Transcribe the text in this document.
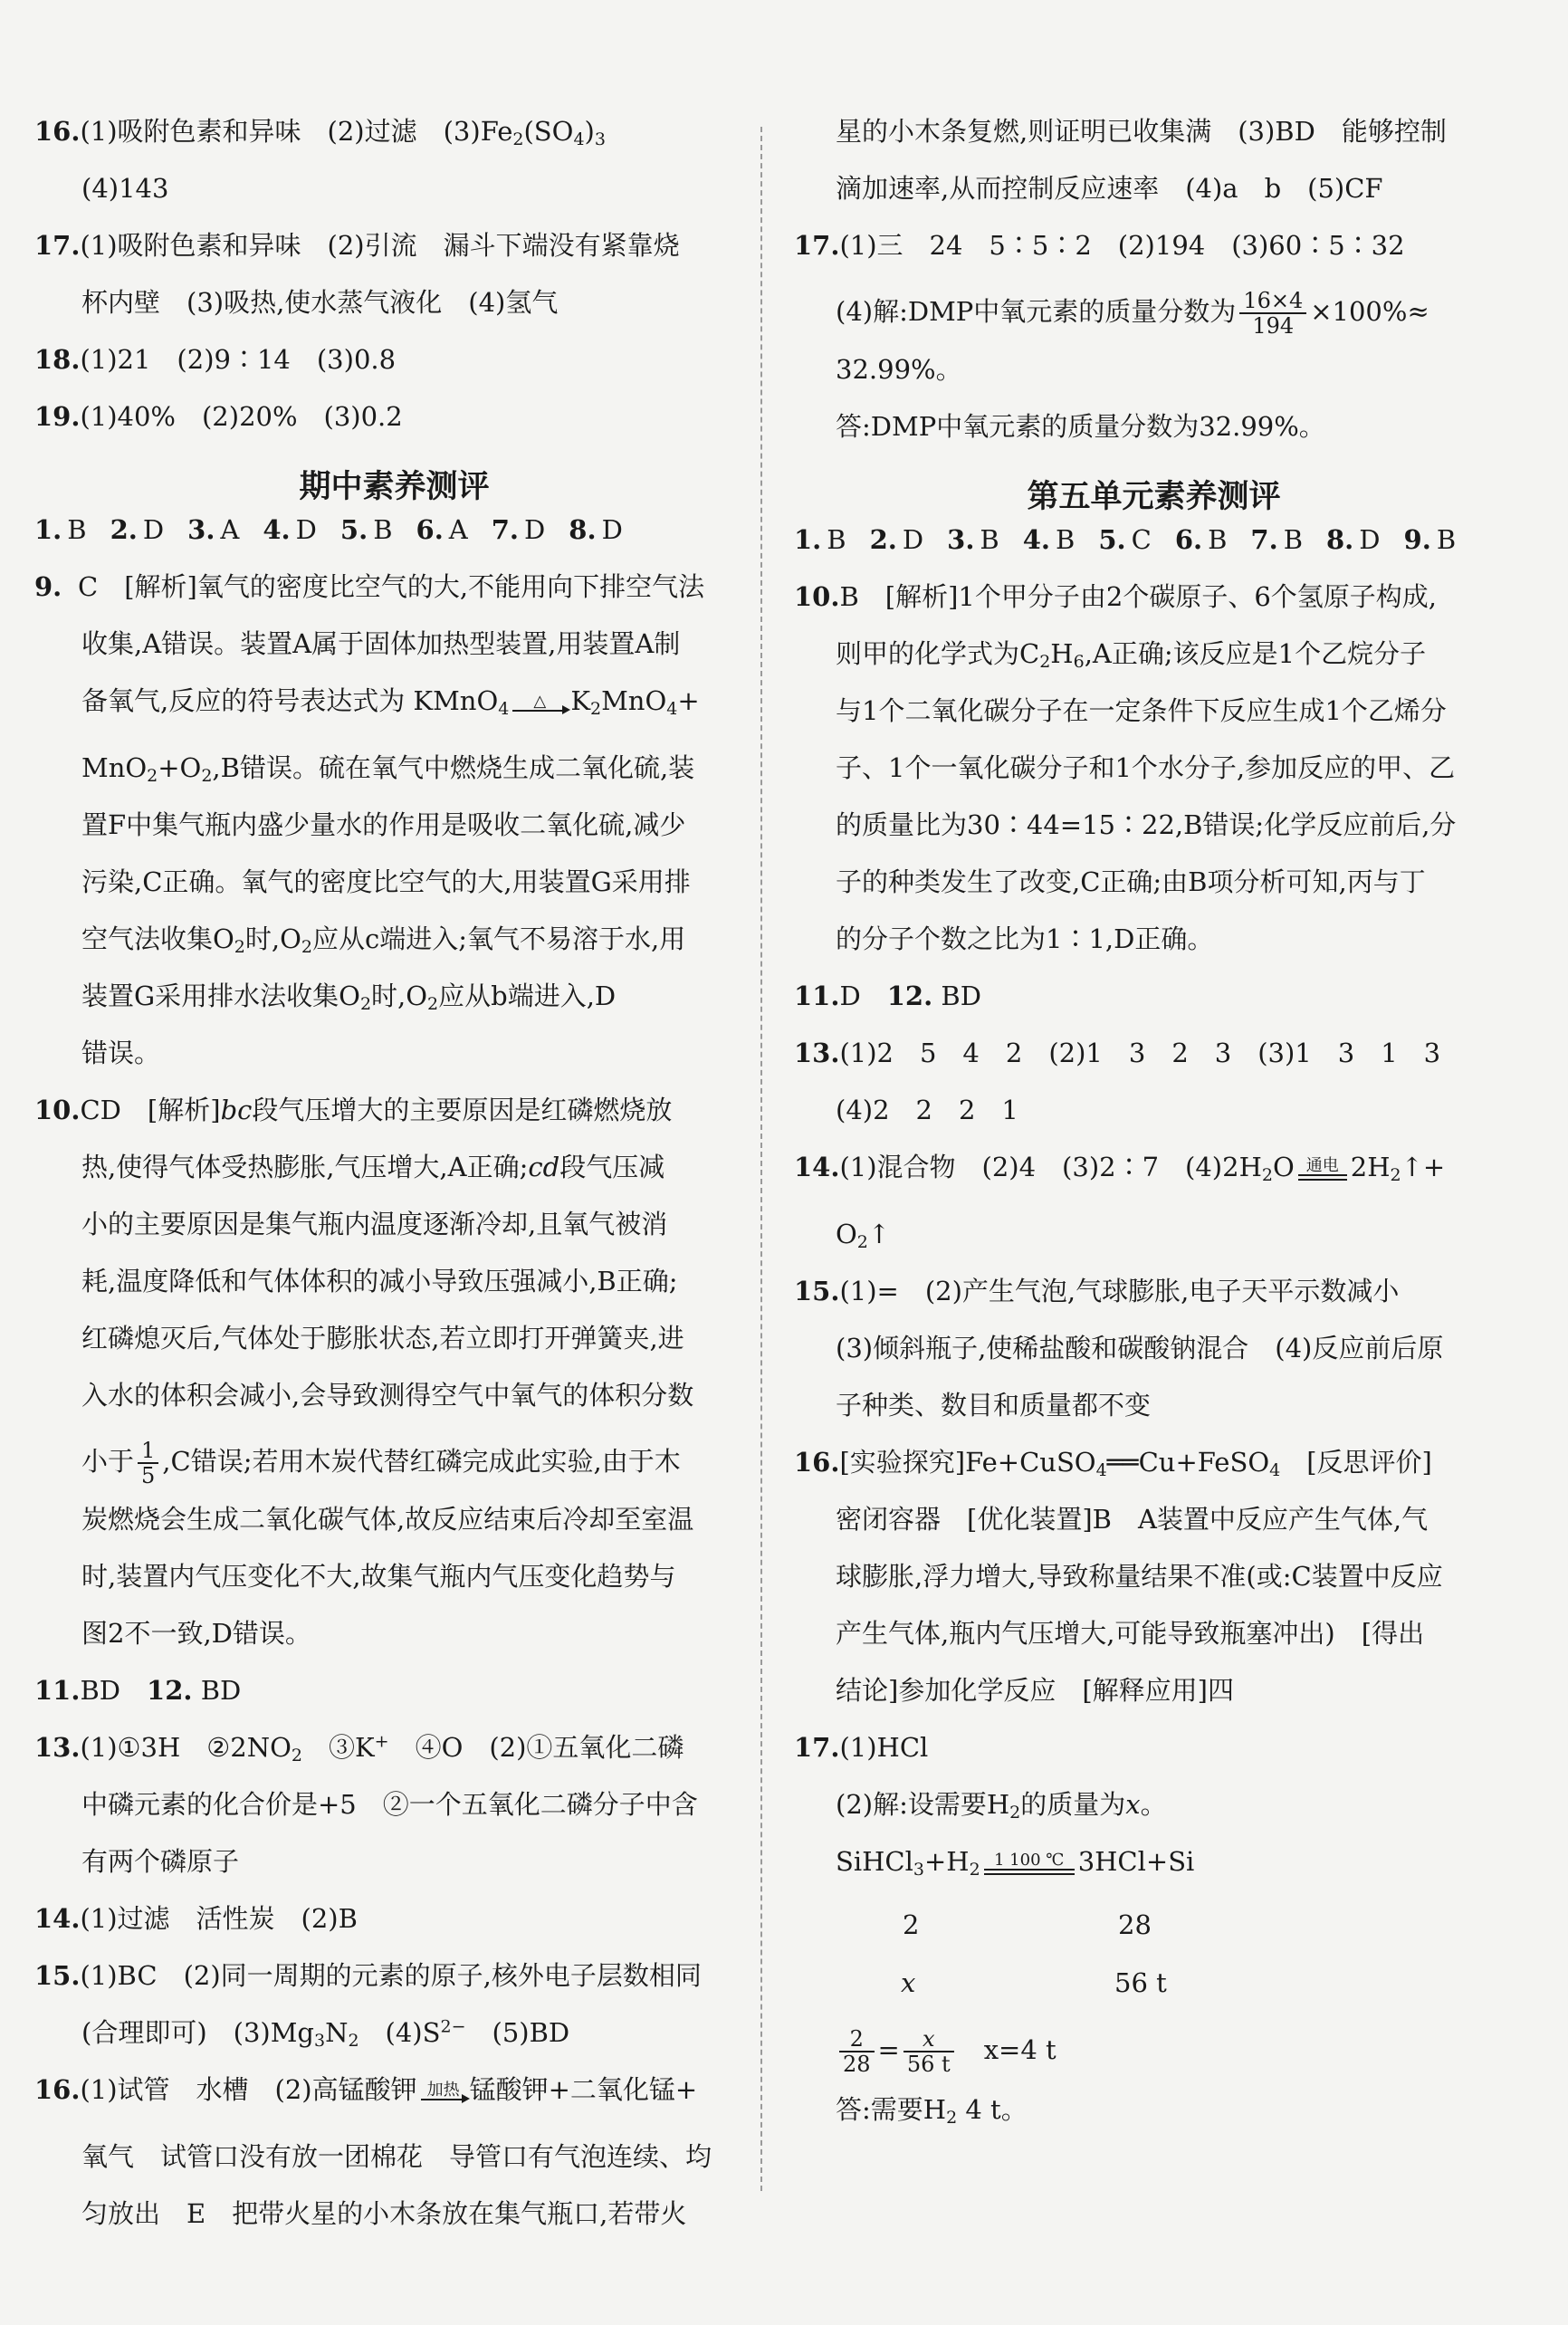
16.(1)吸附色素和异味　(2)过滤　$(3)Fe_2(SO_4)_3$
(4)143
17.(1)吸附色素和异味　(2)引流　漏斗下端没有紧靠烧
杯内壁　(3)吸热,使水蒸气液化　(4)氢气
18.(1)21　(2)9∶14　(3)0.8
19.(1)40%　(2)20%　(3)0.2
期中素养测评
1. B 2. D 3. A 4. D 5. B 6. A 7. D 8. D
9. C　 [解析]氧气的密度比空气的大,不能用向下排空气法
收集,A错误。装置A属于固体加热型装置,用装置A制
备氧气,反应的符号表达式为 KMnO$_4$	△ $K_2MnO_4+$
$MnO_2+O_2,B$错误。硫在氧气中燃烧生成二氧化硫,装
置F中集气瓶内盛少量水的作用是吸收二氧化硫,减少
污染,C正确。氧气的密度比空气的大,用装置G采用排
空气法收集$O_2$时$,O_2$应从c端进入;氧气不易溶于水,用
装置G采用排水法收集$O_2$时$,O_2$应从b端进入,D
错误。
10.CD　 [解析]bc段气压增大的主要原因是红磷燃烧放
热,使得气体受热膨胀,气压增大,A正确;cd段气压减
小的主要原因是集气瓶内温度逐渐冷却,且氧气被消
耗,温度降低和气体体积的减小导致压强减小,B正确;
红磷熄灭后,气体处于膨胀状态,若立即打开弹簧夹,进
入水的体积会减小,会导致测得空气中氧气的体积分数
小于 $\frac{1}{5} ,C$错误;若用木炭代替红磷完成此实验,由于木
炭燃烧会生成二氧化碳气体,故反应结束后冷却至室温
时,装置内气压变化不大,故集气瓶内气压变化趋势与
图2不一致,D错误。
11.BD　 12. BD
13.(1)①3H　$②2NO_2$　③K+　④O　(2)①五氧化二磷
中磷元素的化合价是+5　②一个五氧化二磷分子中含
有两个磷原子
14.(1)过滤　活性炭　(2)B
15.(1)BC　(2)同一周期的元素的原子,核外电子层数相同
(合理即可)　$(3)Mg_3N_2$　$(4)S^{2-}$　(5)BD
16.(1)试管　水槽　(2)高锰酸钾 加热 锰酸钾+二氧化锰+
氧气　试管口没有放一团棉花　导管口有气泡连续、均
匀放出　E　把带火星的小木条放在集气瓶口,若带火
星的小木条复燃,则证明已收集满　(3)BD　能够控制
滴加速率,从而控制反应速率　(4)a　b　(5)CF
17.(1)三　24　5∶5∶2　(2)194　(3)60∶5∶32
(4)解:DMP中氧元素的质量分数为 $\frac{16\times 4}{194} \times 100\%\approx$
32.99%。
答:DMP中氧元素的质量分数为32.99%。
第五单元素养测评
1. B 2. D 3. B 4. B 5. C 6. B 7. B 8. D 9. B
10.B　 [解析]1个甲分子由2个碳原子、6个氢原子构成,
则甲的化学式为$C_2H_6,A$正确;该反应是1个乙烷分子
与1个二氧化碳分子在一定条件下反应生成1个乙烯分
子、1个一氧化碳分子和1个水分子,参加反应的甲、乙
的质量比为30∶44=15∶22,B错误;化学反应前后,分
子的种类发生了改变,C正确;由B项分析可知,丙与丁
的分子个数之比为1∶1,D正确。
11.D　 12. BD
13.(1)2　5　4　2　(2)1　3　2　3　(3)1　3　1　3
(4)2　2　2　1
14.(1)混合物　(2)4　(3)2∶7　$(4)2H_2O$ 通电 $2H_2↑+$
$O_2↑$
15.(1)=　(2)产生气泡,气球膨胀,电子天平示数减小
(3)倾斜瓶子,使稀盐酸和碳酸钠混合　(4)反应前后原
子种类、数目和质量都不变
16.[实验探究]Fe+CuSO$_4$══Cu+FeSO$_4$　[反思评价]
密闭容器　[优化装置]B　A装置中反应产生气体,气
球膨胀,浮力增大,导致称量结果不准(或:C装置中反应
产生气体,瓶内气压增大,可能导致瓶塞冲出)　[得出
结论]参加化学反应　[解释应用]四
17.(1)HCl
(2)解:设需要$H_2$的质量为x。
$SiHCl_3+H_2$ 1 100 ℃ 3HCl+Si
2	28
x	56 t
$\frac{2}{28} = \frac{x}{56 t}$
　 x=4 t
答:需要$H_2$ 4 t。
